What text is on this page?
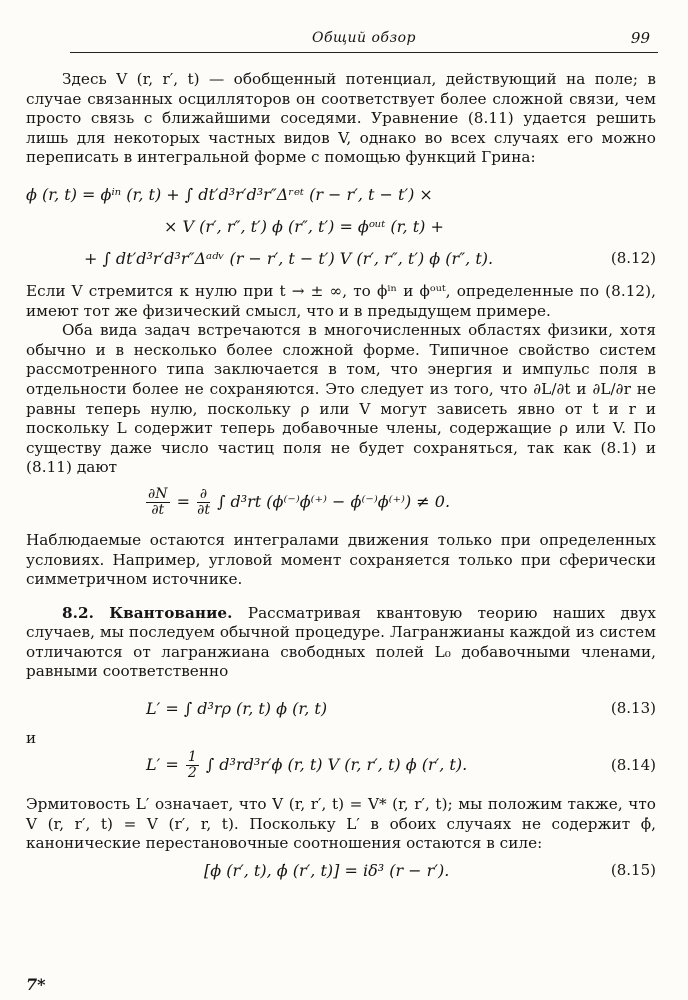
Общий обзор	99

Здесь V (r, r′, t) — обобщенный потенциал, действующий на поле; в случае связанных осцилляторов он соответствует более сложной связи, чем просто связь с ближайшими соседями. Уравнение (8.11) удается решить лишь для некоторых частных видов V, однако во всех случаях его можно переписать в интегральной форме с помощью функций Грина:

ϕ (r, t) = ϕⁱⁿ (r, t) + ∫ dt′d³r′d³r″Δʳᵉᵗ (r − r′, t − t′) ×
× V (r′, r″, t′) ϕ (r″, t′) = ϕᵒᵘᵗ (r, t) +
+ ∫ dt′d³r′d³r″Δᵃᵈᵛ (r − r′, t − t′) V (r′, r″, t′) ϕ (r″, t).	(8.12)

Если V стремится к нулю при t → ± ∞, то ϕⁱⁿ и ϕᵒᵘᵗ, определенные по (8.12), имеют тот же физический смысл, что и в предыдущем примере.

Оба вида задач встречаются в многочисленных областях физики, хотя обычно и в несколько более сложной форме. Типичное свойство систем рассмотренного типа заключается в том, что энергия и импульс поля в отдельности более не сохраняются. Это следует из того, что ∂L/∂t и ∂L/∂r не равны теперь нулю, поскольку ρ или V могут зависеть явно от t и r и поскольку L содержит теперь добавочные члены, содержащие ρ или V. По существу даже число частиц поля не будет сохраняться, так как (8.1) и (8.11) дают

$\frac{\partial N}{\partial t} = \frac{\partial}{\partial t}$ ∫ d³rt (ϕ⁽⁻⁾ϕ̇⁽⁺⁾ − ϕ̇⁽⁻⁾ϕ⁽⁺⁾) ≠ 0.

Наблюдаемые остаются интегралами движения только при определенных условиях. Например, угловой момент сохраняется только при сферически симметричном источнике.

8.2. Квантование. Рассматривая квантовую теорию наших двух случаев, мы последуем обычной процедуре. Лагранжианы каждой из систем отличаются от лагранжиана свободных полей L₀ добавочными членами, равными соответственно

L′ = ∫ d³rρ (r, t) ϕ (r, t)	(8.13)

и

$L' = \frac{1}{2}$ ∫ d³rd³r′ϕ (r, t) V (r, r′, t) ϕ (r′, t).	(8.14)

Эрмитовость L′ означает, что V (r, r′, t) = V* (r, r′, t); мы положим также, что V (r, r′, t) = V (r′, r, t). Поскольку L′ в обоих случаях не содержит ϕ̇, канонические перестановочные соотношения остаются в силе:

[ϕ (r′, t), ϕ̇ (r′, t)] = iδ³ (r − r′).	(8.15)
7*
